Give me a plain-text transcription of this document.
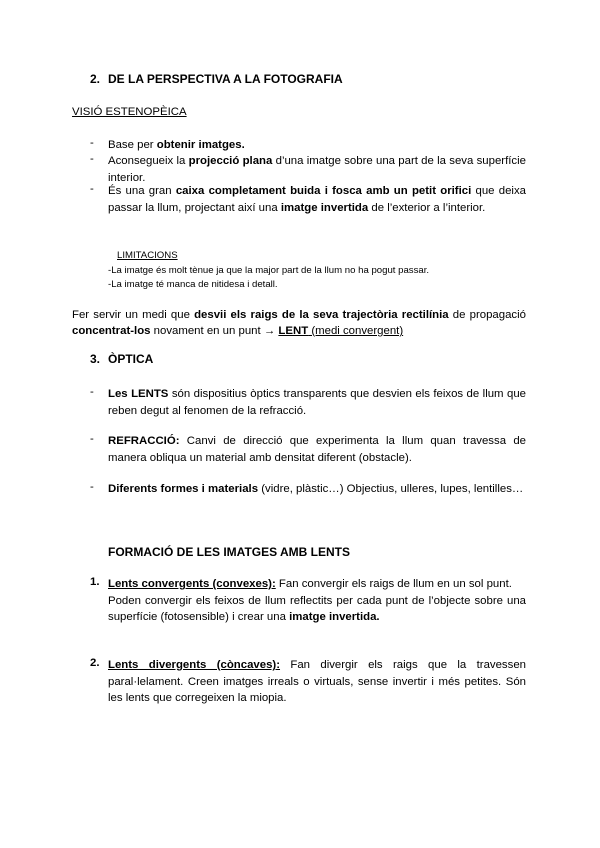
2. DE LA PERSPECTIVA A LA FOTOGRAFIA
VISIÓ ESTENOPÈICA
- Base per obtenir imatges.
- Aconsegueix la projecció plana d’una imatge sobre una part de la seva superfície interior.
- És una gran caixa completament buida i fosca amb un petit orifici que deixa passar la llum, projectant així una imatge invertida de l’exterior a l’interior.
LIMITACIONS
-La imatge és molt tènue ja que la major part de la llum no ha pogut passar.
-La imatge té manca de nitidesa i detall.
Fer servir un medi que desvii els raigs de la seva trajectòria rectilínia de propagació concentrat-los novament en un punt → LENT (medi convergent)
3. ÒPTICA
- Les LENTS són dispositius òptics transparents que desvien els feixos de llum que reben degut al fenomen de la refracció.
- REFRACCIÓ: Canvi de direcció que experimenta la llum quan travessa de manera obliqua un material amb densitat diferent (obstacle).
- Diferents formes i materials (vidre, plàstic…) Objectius, ulleres, lupes, lentilles…
FORMACIÓ DE LES IMATGES AMB LENTS
1. Lents convergents (convexes): Fan convergir els raigs de llum en un sol punt.
Poden convergir els feixos de llum reflectits per cada punt de l’objecte sobre una superfície (fotosensible) i crear una imatge invertida.
2. Lents divergents (còncaves): Fan divergir els raigs que la travessen paral·lelament. Creen imatges irreals o virtuals, sense invertir i més petites. Són les lents que corregeixen la miopia.
